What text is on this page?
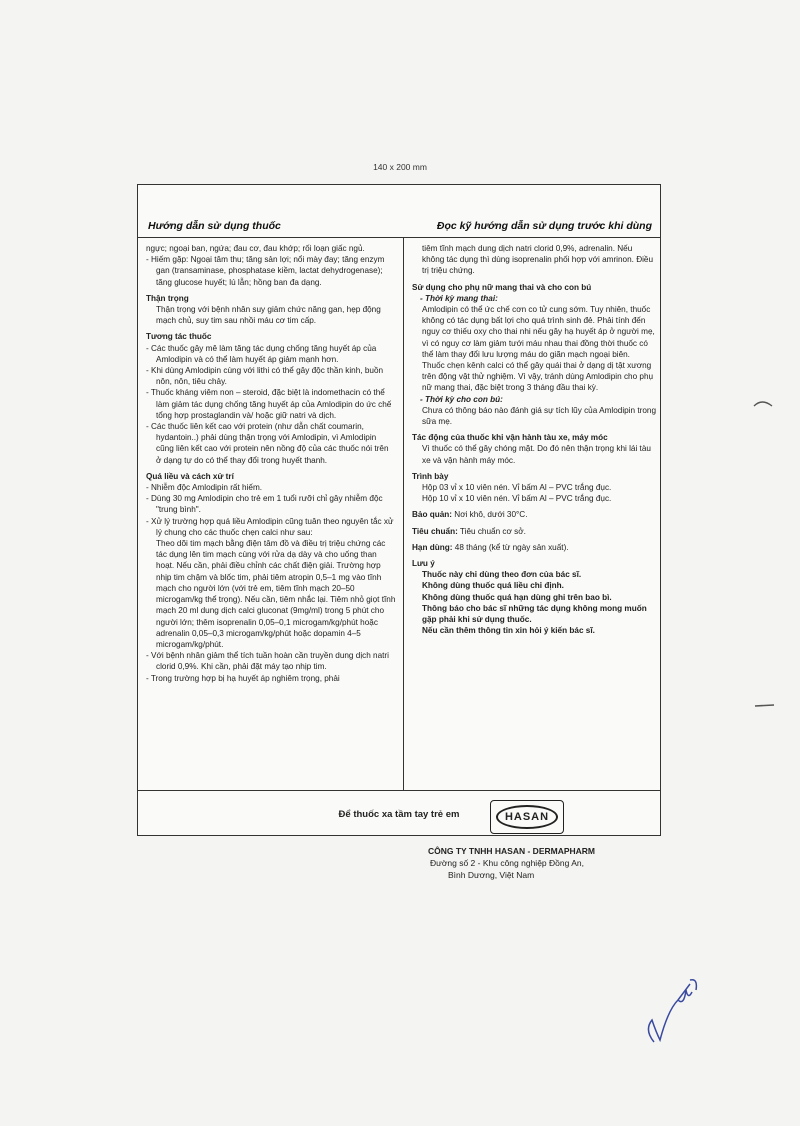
140 x 200 mm
Hướng dẫn sử dụng thuốc	Đọc kỹ hướng dẫn sử dụng trước khi dùng

ngực; ngoại ban, ngứa; đau cơ, đau khớp; rối loạn giấc ngủ.

- Hiếm gặp: Ngoại tâm thu; tăng sản lợi; nổi mày đay; tăng enzym gan (transaminase, phosphatase kiềm, lactat dehydrogenase); tăng glucose huyết; lú lẫn; hồng ban đa dạng.

Thận trọng

Thận trọng với bệnh nhân suy giảm chức năng gan, hẹp động mạch chủ, suy tim sau nhồi máu cơ tim cấp.

Tương tác thuốc

- Các thuốc gây mê làm tăng tác dụng chống tăng huyết áp của Amlodipin và có thể làm huyết áp giảm mạnh hơn.

- Khi dùng Amlodipin cùng với lithi có thể gây độc thần kinh, buồn nôn, nôn, tiêu chảy.

- Thuốc kháng viêm non – steroid, đặc biệt là indomethacin có thể làm giảm tác dụng chống tăng huyết áp của Amlodipin do ức chế tổng hợp prostaglandin và/ hoặc giữ natri và dịch.

- Các thuốc liên kết cao với protein (như dẫn chất coumarin, hydantoin..) phải dùng thận trọng với Amlodipin, vì Amlodipin cũng liên kết cao với protein nên nồng độ của các thuốc nói trên ở dạng tự do có thể thay đổi trong huyết thanh.

Quá liều và cách xử trí

- Nhiễm độc Amlodipin rất hiếm.

- Dùng 30 mg Amlodipin cho trẻ em 1 tuổi rưỡi chỉ gây nhiễm độc "trung bình".

- Xử lý trường hợp quá liều Amlodipin cũng tuân theo nguyên tắc xử lý chung cho các thuốc chẹn calci như sau:

Theo dõi tim mạch bằng điện tâm đồ và điều trị triệu chứng các tác dụng lên tim mạch cùng với rửa dạ dày và cho uống than hoạt. Nếu cần, phải điều chỉnh các chất điện giải. Trường hợp nhịp tim chậm và blốc tim, phải tiêm atropin 0,5–1 mg vào tĩnh mạch cho người lớn (với trẻ em, tiêm tĩnh mạch 20–50 microgam/kg thể trọng). Nếu cần, tiêm nhắc lại. Tiêm nhỏ giọt tĩnh mạch 20 ml dung dịch calci gluconat (9mg/ml) trong 5 phút cho người lớn; thêm isoprenalin 0,05–0,1 microgam/kg/phút hoặc adrenalin 0,05–0,3 microgam/kg/phút hoặc dopamin 4–5 microgam/kg/phút.

- Với bệnh nhân giảm thể tích tuần hoàn cần truyền dung dịch natri clorid 0,9%. Khi cần, phải đặt máy tạo nhịp tim.

- Trong trường hợp bị hạ huyết áp nghiêm trọng, phải

tiêm tĩnh mạch dung dịch natri clorid 0,9%, adrenalin. Nếu không tác dụng thì dùng isoprenalin phối hợp với amrinon. Điều trị triệu chứng.

Sử dụng cho phụ nữ mang thai và cho con bú

- Thời kỳ mang thai:

Amlodipin có thể ức chế cơn co tử cung sớm. Tuy nhiên, thuốc không có tác dụng bất lợi cho quá trình sinh đẻ. Phải tính đến nguy cơ thiếu oxy cho thai nhi nếu gây hạ huyết áp ở người mẹ, vì có nguy cơ làm giảm tưới máu nhau thai đồng thời thuốc có thể làm thay đổi lưu lượng máu do giãn mạch ngoại biên.

Thuốc chẹn kênh calci có thể gây quái thai ở dạng dị tật xương trên động vật thử nghiệm. Vì vậy, tránh dùng Amlodipin cho phụ nữ mang thai, đặc biệt trong 3 tháng đầu thai kỳ.

- Thời kỳ cho con bú:

Chưa có thông báo nào đánh giá sự tích lũy của Amlodipin trong sữa mẹ.

Tác động của thuốc khi vận hành tàu xe, máy móc

Vì thuốc có thể gây chóng mặt. Do đó nên thận trọng khi lái tàu xe và vận hành máy móc.

Trình bày

Hộp 03 vỉ x 10 viên nén. Vỉ bấm Al – PVC trắng đục.

Hộp 10 vỉ x 10 viên nén. Vỉ bấm Al – PVC trắng đục.

Bảo quản: Nơi khô, dưới 30°C.

Tiêu chuẩn: Tiêu chuẩn cơ sở.

Hạn dùng: 48 tháng (kể từ ngày sản xuất).

Lưu ý

Thuốc này chỉ dùng theo đơn của bác sĩ.

Không dùng thuốc quá liều chỉ định.

Không dùng thuốc quá hạn dùng ghi trên bao bì.

Thông báo cho bác sĩ những tác dụng không mong muốn gặp phải khi sử dụng thuốc.

Nếu cần thêm thông tin xin hỏi ý kiến bác sĩ.

HASAN
CÔNG TY TNHH HASAN - DERMAPHARM
Đường số 2 - Khu công nghiệp Đồng An,
Bình Dương, Việt Nam
Để thuốc xa tầm tay trẻ em
